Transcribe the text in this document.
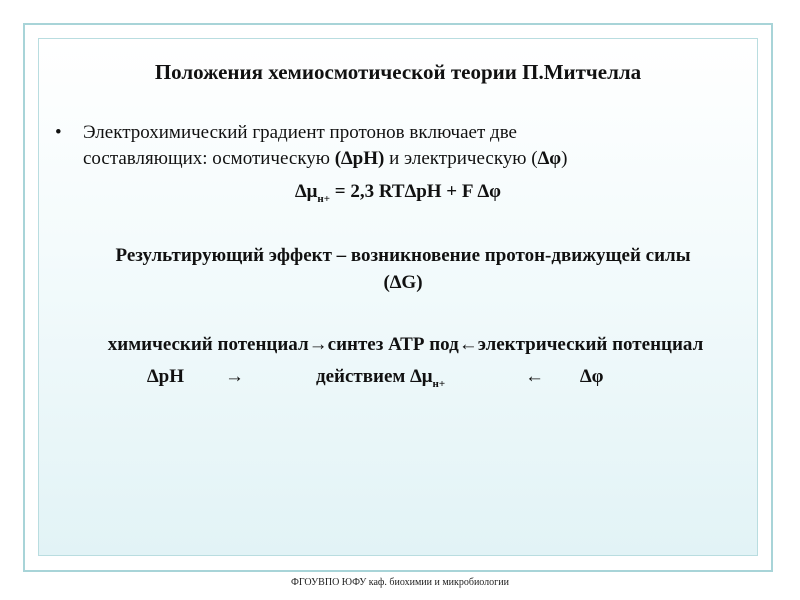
Положения хемиосмотической теории П.Митчелла
• Электрохимический градиент протонов включает две
составляющих: осмотическую (∆pH) и электрическую (∆φ)
$\Delta\mu_{н+} = 2,3$ RT∆pH + F ∆φ
Результирующий эффект – возникновение протон-движущей силы
(∆G)
химический потенциал→синтез АТР под←электрический потенциал
∆pH →	действием $\Delta\mu_{н+}$	← ∆φ
ФГОУВПО ЮФУ каф. биохимии и микробиологии
